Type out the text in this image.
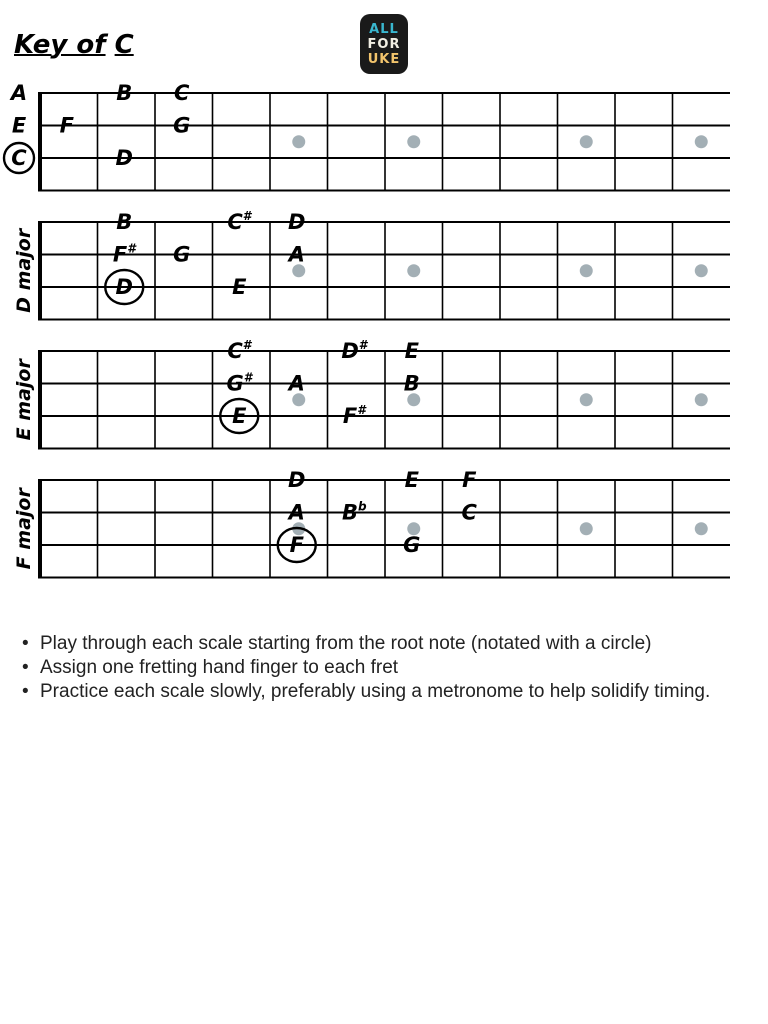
Key of C
ALL
FOR
UKE
A
E
C
F
B
D
C
G
D major
B
F#
D
G
C#
E
D
A
E major
C#
G#
E
A
D#
F#
E
B
F major
D
A
F
$B^b$
E
G
F
C
• Play through each scale starting from the root note (notated with a circle)
• Assign one fretting hand finger to each fret
• Practice each scale slowly, preferably using a metronome to help solidify timing.
